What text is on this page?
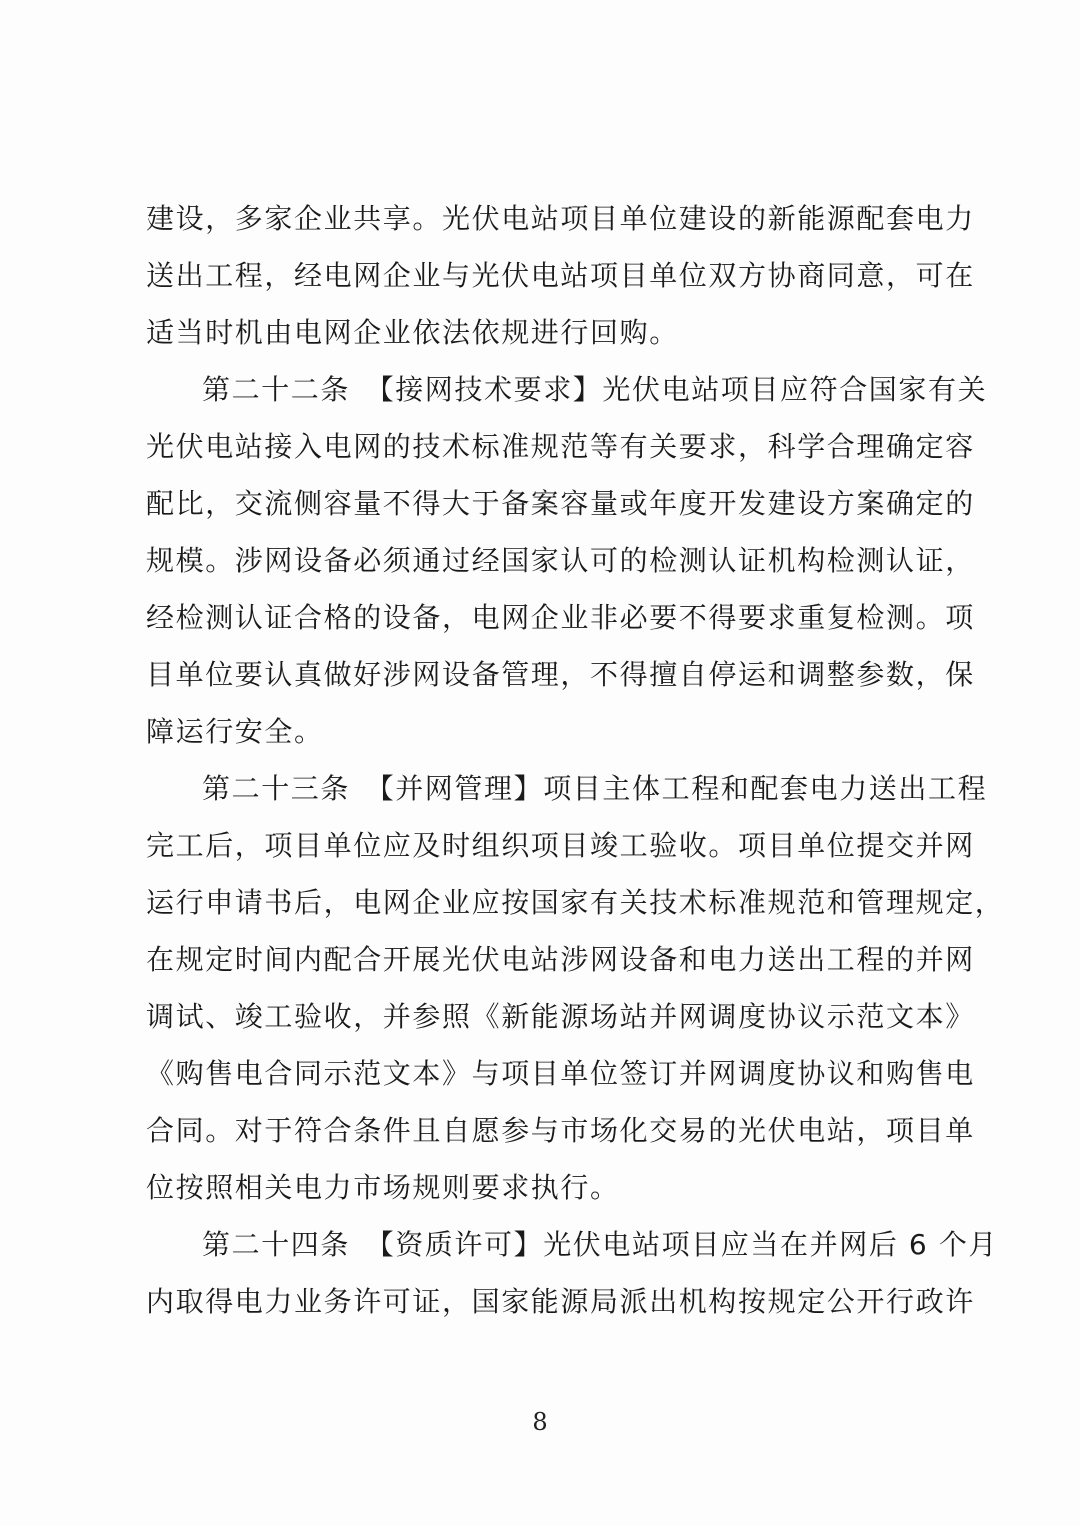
建设，多家企业共享。光伏电站项目单位建设的新能源配套电力
送出工程，经电网企业与光伏电站项目单位双方协商同意，可在
适当时机由电网企业依法依规进行回购。
第二十二条　【接网技术要求】光伏电站项目应符合国家有关
光伏电站接入电网的技术标准规范等有关要求，科学合理确定容
配比，交流侧容量不得大于备案容量或年度开发建设方案确定的
规模。涉网设备必须通过经国家认可的检测认证机构检测认证，
经检测认证合格的设备，电网企业非必要不得要求重复检测。项
目单位要认真做好涉网设备管理，不得擅自停运和调整参数，保
障运行安全。
第二十三条　【并网管理】项目主体工程和配套电力送出工程
完工后，项目单位应及时组织项目竣工验收。项目单位提交并网
运行申请书后，电网企业应按国家有关技术标准规范和管理规定，
在规定时间内配合开展光伏电站涉网设备和电力送出工程的并网
调试、竣工验收，并参照《新能源场站并网调度协议示范文本》
《购售电合同示范文本》与项目单位签订并网调度协议和购售电
合同。对于符合条件且自愿参与市场化交易的光伏电站，项目单
位按照相关电力市场规则要求执行。
第二十四条　【资质许可】光伏电站项目应当在并网后 6 个月
内取得电力业务许可证，国家能源局派出机构按规定公开行政许
8
